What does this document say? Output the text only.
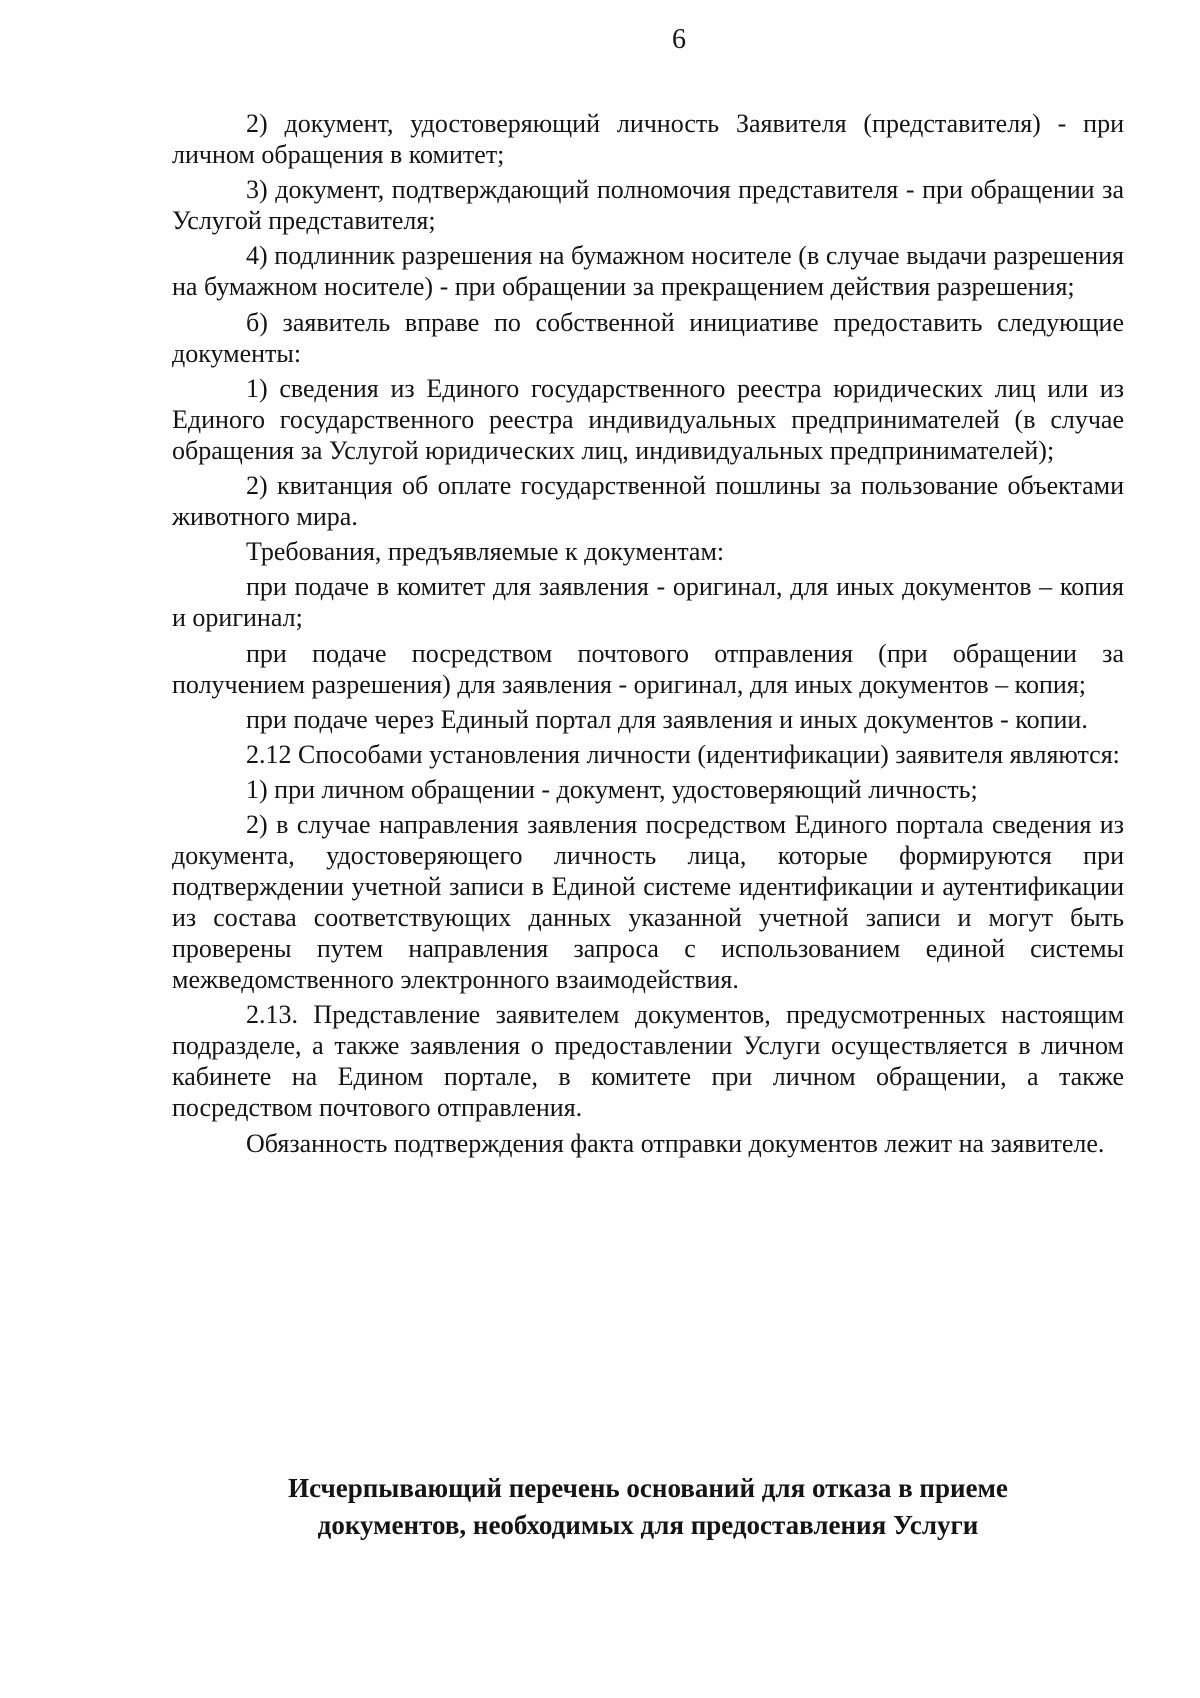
6

2) документ, удостоверяющий личность Заявителя (представителя) - при личном обращения в комитет;

3) документ, подтверждающий полномочия представителя - при обращении за Услугой представителя;

4) подлинник разрешения на бумажном носителе (в случае выдачи разрешения на бумажном носителе) - при обращении за прекращением действия разрешения;

б) заявитель вправе по собственной инициативе предоставить следующие документы:

1) сведения из Единого государственного реестра юридических лиц или из Единого государственного реестра индивидуальных предпринимателей (в случае обращения за Услугой юридических лиц, индивидуальных предпринимателей);

2) квитанция об оплате государственной пошлины за пользование объектами животного мира.

Требования, предъявляемые к документам:

при подаче в комитет для заявления - оригинал, для иных документов – копия и оригинал;

при подаче посредством почтового отправления (при обращении за получением разрешения) для заявления - оригинал, для иных документов – копия;

при подаче через Единый портал для заявления и иных документов - копии.

2.12 Способами установления личности (идентификации) заявителя являются:

1) при личном обращении - документ, удостоверяющий личность;

2) в случае направления заявления посредством Единого портала сведения из документа, удостоверяющего личность лица, которые формируются при подтверждении учетной записи в Единой системе идентификации и аутентификации из состава соответствующих данных указанной учетной записи и могут быть проверены путем направления запроса с использованием единой системы межведомственного электронного взаимодействия.

2.13. Представление заявителем документов, предусмотренных настоящим подразделе, а также заявления о предоставлении Услуги осуществляется в личном кабинете на Едином портале, в комитете при личном обращении, а также посредством почтового отправления.

Обязанность подтверждения факта отправки документов лежит на заявителе.

Исчерпывающий перечень оснований для отказа в приеме
документов, необходимых для предоставления Услуги
